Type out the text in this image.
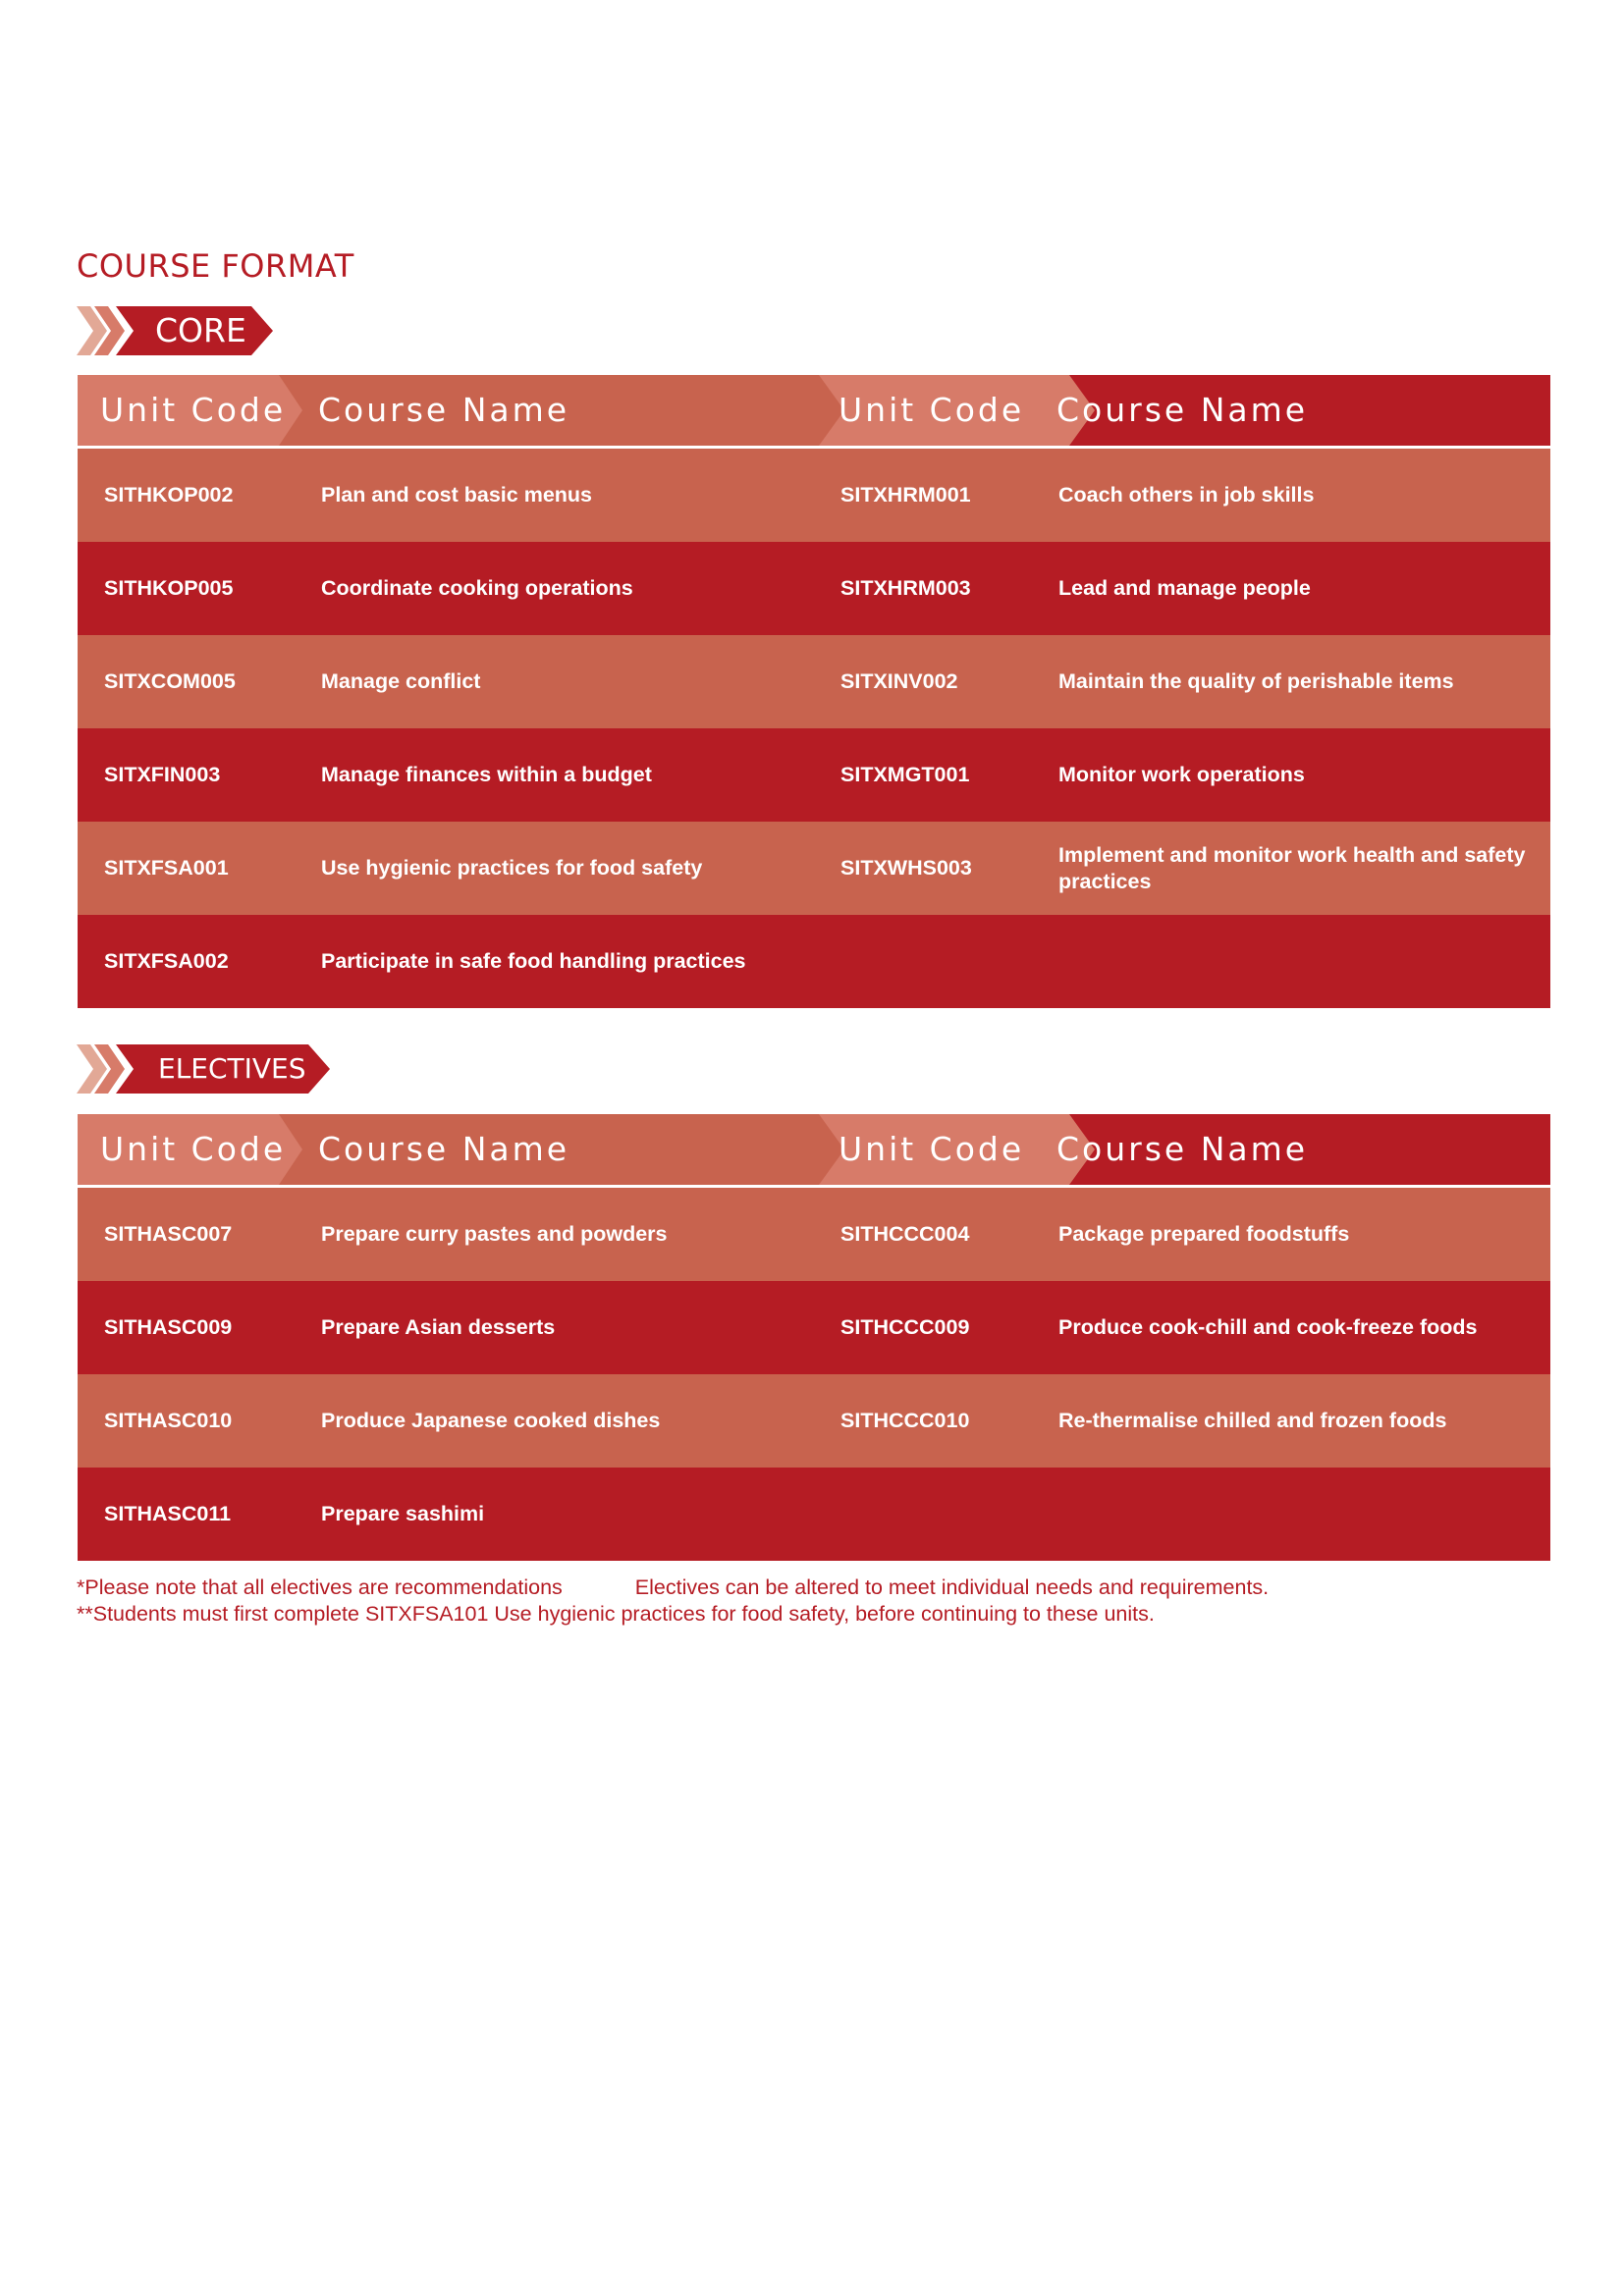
COURSE FORMAT
CORE
Unit Code Course Name	Unit Code Course Name
SITHKOP002	Plan and cost basic menus	SITXHRM001	Coach others in job skills
SITHKOP005	Coordinate cooking operations	SITXHRM003	Lead and manage people
SITXCOM005	Manage conflict	SITXINV002	Maintain the quality of perishable items
SITXFIN003	Manage finances within a budget	SITXMGT001	Monitor work operations
SITXFSA001	Use hygienic practices for food safety	SITXWHS003
Implement and monitor work health and safety practices
SITXFSA002	Participate in safe food handling practices
ELECTIVES
Unit Code Course Name	Unit Code Course Name
SITHASC007	Prepare curry pastes and powders	SITHCCC004	Package prepared foodstuffs
SITHASC009	Prepare Asian desserts	SITHCCC009	Produce cook-chill and cook-freeze foods
SITHASC010	Produce Japanese cooked dishes	SITHCCC010	Re-thermalise chilled and frozen foods
SITHASC011	Prepare sashimi
*Please note that all electives are recommendations	Electives can be altered to meet individual needs and requirements.
**Students must first complete SITXFSA101 Use hygienic practices for food safety, before continuing to these units.
